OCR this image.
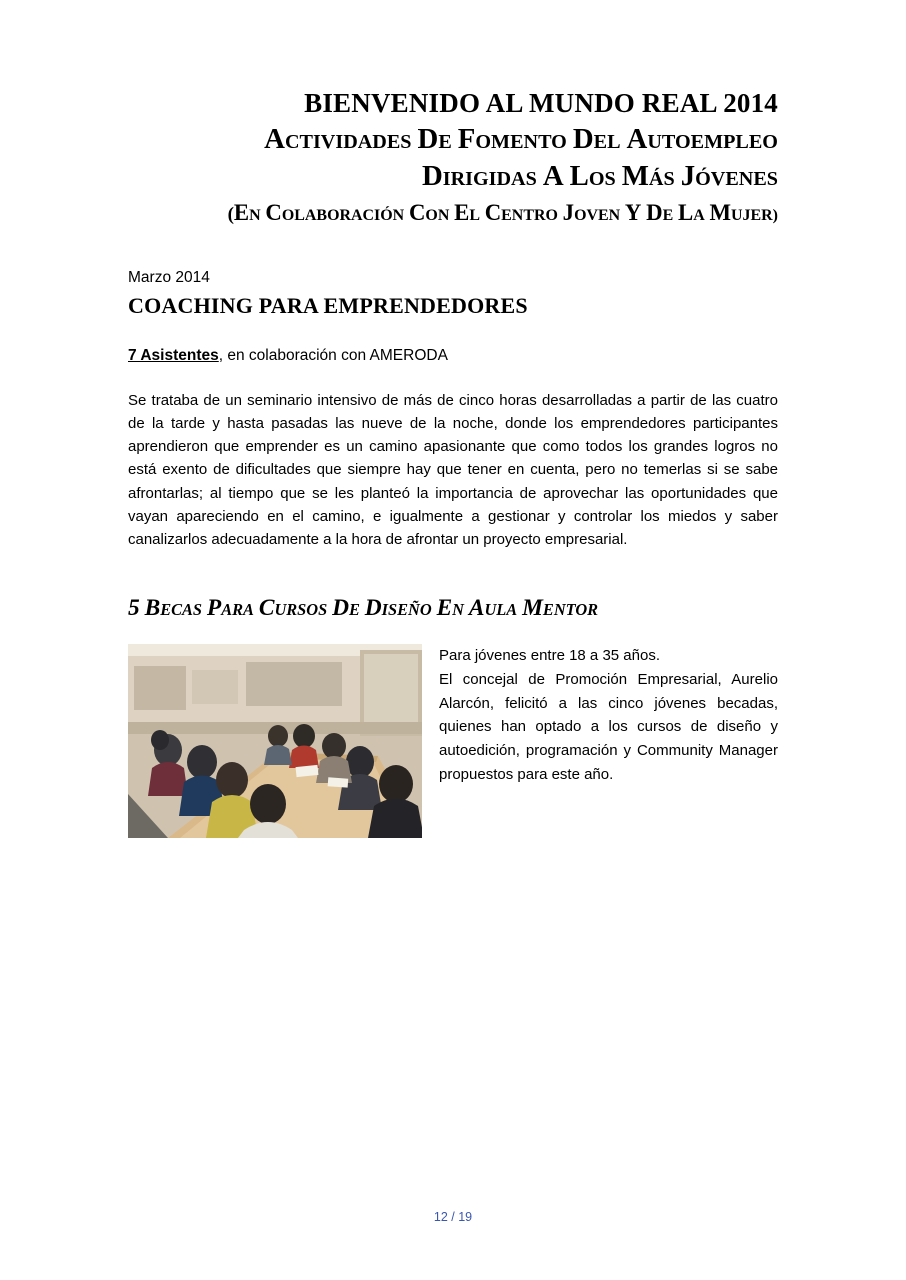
BIENVENIDO AL MUNDO REAL 2014
ACTIVIDADES DE FOMENTO DEL AUTOEMPLEO
DIRIGIDAS A LOS MÁS JÓVENES
(EN COLABORACIÓN CON EL CENTRO JOVEN Y DE LA MUJER)
Marzo 2014
COACHING PARA EMPRENDEDORES
7 Asistentes, en colaboración con AMERODA
Se trataba de un seminario intensivo de más de cinco horas desarrolladas a partir de las cuatro de la tarde y hasta pasadas las nueve de la noche, donde los emprendedores participantes aprendieron que emprender es un camino apasionante que como todos los grandes logros no está exento de dificultades que siempre hay que tener en cuenta, pero no temerlas si se sabe afrontarlas; al tiempo que se les planteó la importancia de aprovechar las oportunidades que vayan apareciendo en el camino, e igualmente a gestionar y controlar los miedos y saber canalizarlos adecuadamente a la hora de afrontar un proyecto empresarial.
5 BECAS PARA CURSOS DE DISEÑO EN AULA MENTOR

Para jóvenes entre 18 a 35 años.

El concejal de Promoción Empresarial, Aurelio Alarcón, felicitó a las cinco jóvenes becadas, quienes han optado a los cursos de diseño y autoedición, programación y Community Manager propuestos para este año.

12 / 19
